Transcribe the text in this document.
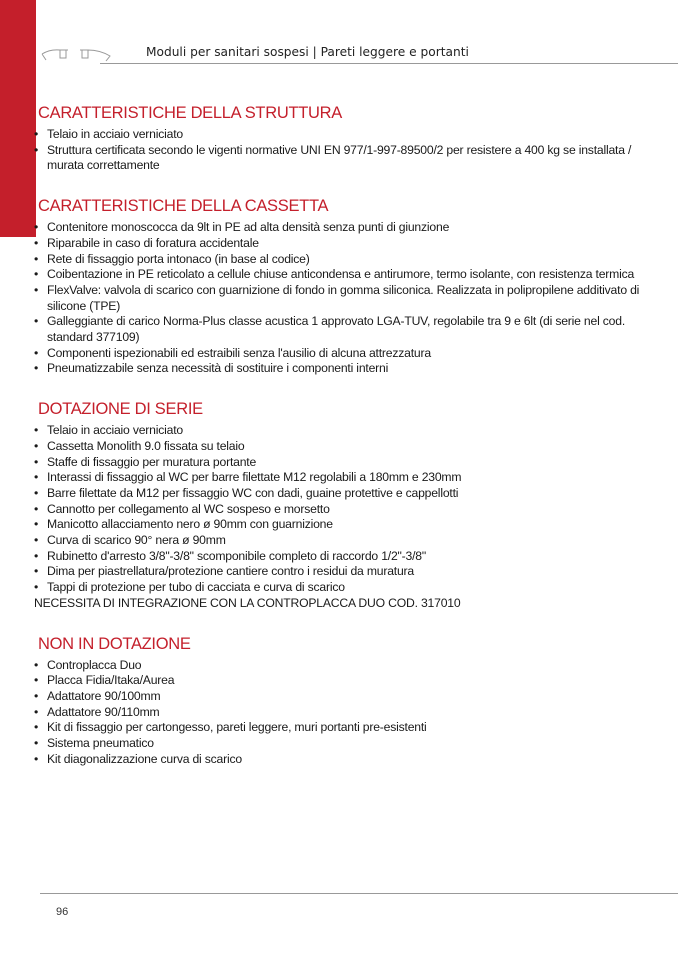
Moduli per sanitari sospesi | Pareti leggere e portanti
CARATTERISTICHE DELLA STRUTTURA
• Telaio in acciaio verniciato
• Struttura certificata secondo le vigenti normative UNI EN 977/1-997-89500/2 per resistere a 400 kg se installata / murata correttamente
CARATTERISTICHE DELLA CASSETTA
• Contenitore monoscocca da 9lt in PE ad alta densità senza punti di giunzione
• Riparabile in caso di foratura accidentale
• Rete di fissaggio porta intonaco (in base al codice)
• Coibentazione in PE reticolato a cellule chiuse anticondensa e antirumore, termo isolante, con resistenza termica
• FlexValve: valvola di scarico con guarnizione di fondo in gomma siliconica. Realizzata in polipropilene additivato di silicone (TPE)
• Galleggiante di carico Norma-Plus classe acustica 1 approvato LGA-TUV, regolabile tra 9 e 6lt (di serie nel cod. standard 377109)
• Componenti ispezionabili ed estraibili senza l'ausilio di alcuna attrezzatura
• Pneumatizzabile senza necessità di sostituire i componenti interni
DOTAZIONE DI SERIE
• Telaio in acciaio verniciato
• Cassetta Monolith 9.0 fissata su telaio
• Staffe di fissaggio per muratura portante
• Interassi di fissaggio al WC per barre filettate M12 regolabili a 180mm e 230mm
• Barre filettate da M12 per fissaggio WC con dadi, guaine protettive e cappellotti
• Cannotto per collegamento al WC sospeso e morsetto
• Manicotto allacciamento nero ø 90mm con guarnizione
• Curva di scarico 90° nera ø 90mm
• Rubinetto d'arresto 3/8"-3/8" scomponibile completo di raccordo 1/2"-3/8"
• Dima per piastrellatura/protezione cantiere contro i residui da muratura
• Tappi di protezione per tubo di cacciata e curva di scarico
NECESSITA DI INTEGRAZIONE CON LA CONTROPLACCA DUO COD. 317010
NON IN DOTAZIONE
• Controplacca Duo
• Placca Fidia/Itaka/Aurea
• Adattatore 90/100mm
• Adattatore 90/110mm
• Kit di fissaggio per cartongesso, pareti leggere, muri portanti pre-esistenti
• Sistema pneumatico
• Kit diagonalizzazione curva di scarico
96
